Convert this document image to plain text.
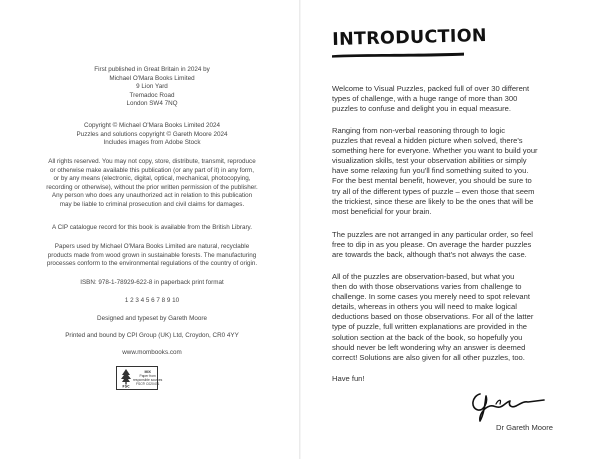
First published in Great Britain in 2024 by
Michael O'Mara Books Limited
9 Lion Yard
Tremadoc Road
London SW4 7NQ
Copyright © Michael O'Mara Books Limited 2024
Puzzles and solutions copyright © Gareth Moore 2024
Includes images from Adobe Stock
All rights reserved. You may not copy, store, distribute, transmit, reproduce
or otherwise make available this publication (or any part of it) in any form,
or by any means (electronic, digital, optical, mechanical, photocopying,
recording or otherwise), without the prior written permission of the publisher.
Any person who does any unauthorized act in relation to this publication
may be liable to criminal prosecution and civil claims for damages.
A CIP catalogue record for this book is available from the British Library.
Papers used by Michael O'Mara Books Limited are natural, recyclable
products made from wood grown in sustainable forests. The manufacturing
processes conform to the environmental regulations of the country of origin.
ISBN: 978-1-78929-622-8 in paperback print format
1 2 3 4 5 6 7 8 9 10
Designed and typeset by Gareth Moore
Printed and bound by CPI Group (UK) Ltd, Croydon, CR0 4YY
www.mombooks.com
FSC
MIX
Paper from
responsible sources
FSC® C020471
INTRODUCTION
Welcome to Visual Puzzles, packed full of over 30 different
types of challenge, with a huge range of more than 300
puzzles to confuse and delight you in equal measure.
Ranging from non-verbal reasoning through to logic
puzzles that reveal a hidden picture when solved, there's
something here for everyone. Whether you want to build your
visualization skills, test your observation abilities or simply
have some relaxing fun you'll find something suited to you.
For the best mental benefit, however, you should be sure to
try all of the different types of puzzle – even those that seem
the trickiest, since these are likely to be the ones that will be
most beneficial for your brain.
The puzzles are not arranged in any particular order, so feel
free to dip in as you please. On average the harder puzzles
are towards the back, although that's not always the case.
All of the puzzles are observation-based, but what you
then do with those observations varies from challenge to
challenge. In some cases you merely need to spot relevant
details, whereas in others you will need to make logical
deductions based on those observations. For all of the latter
type of puzzle, full written explanations are provided in the
solution section at the back of the book, so hopefully you
should never be left wondering why an answer is deemed
correct! Solutions are also given for all other puzzles, too.
Have fun!
Dr Gareth Moore
